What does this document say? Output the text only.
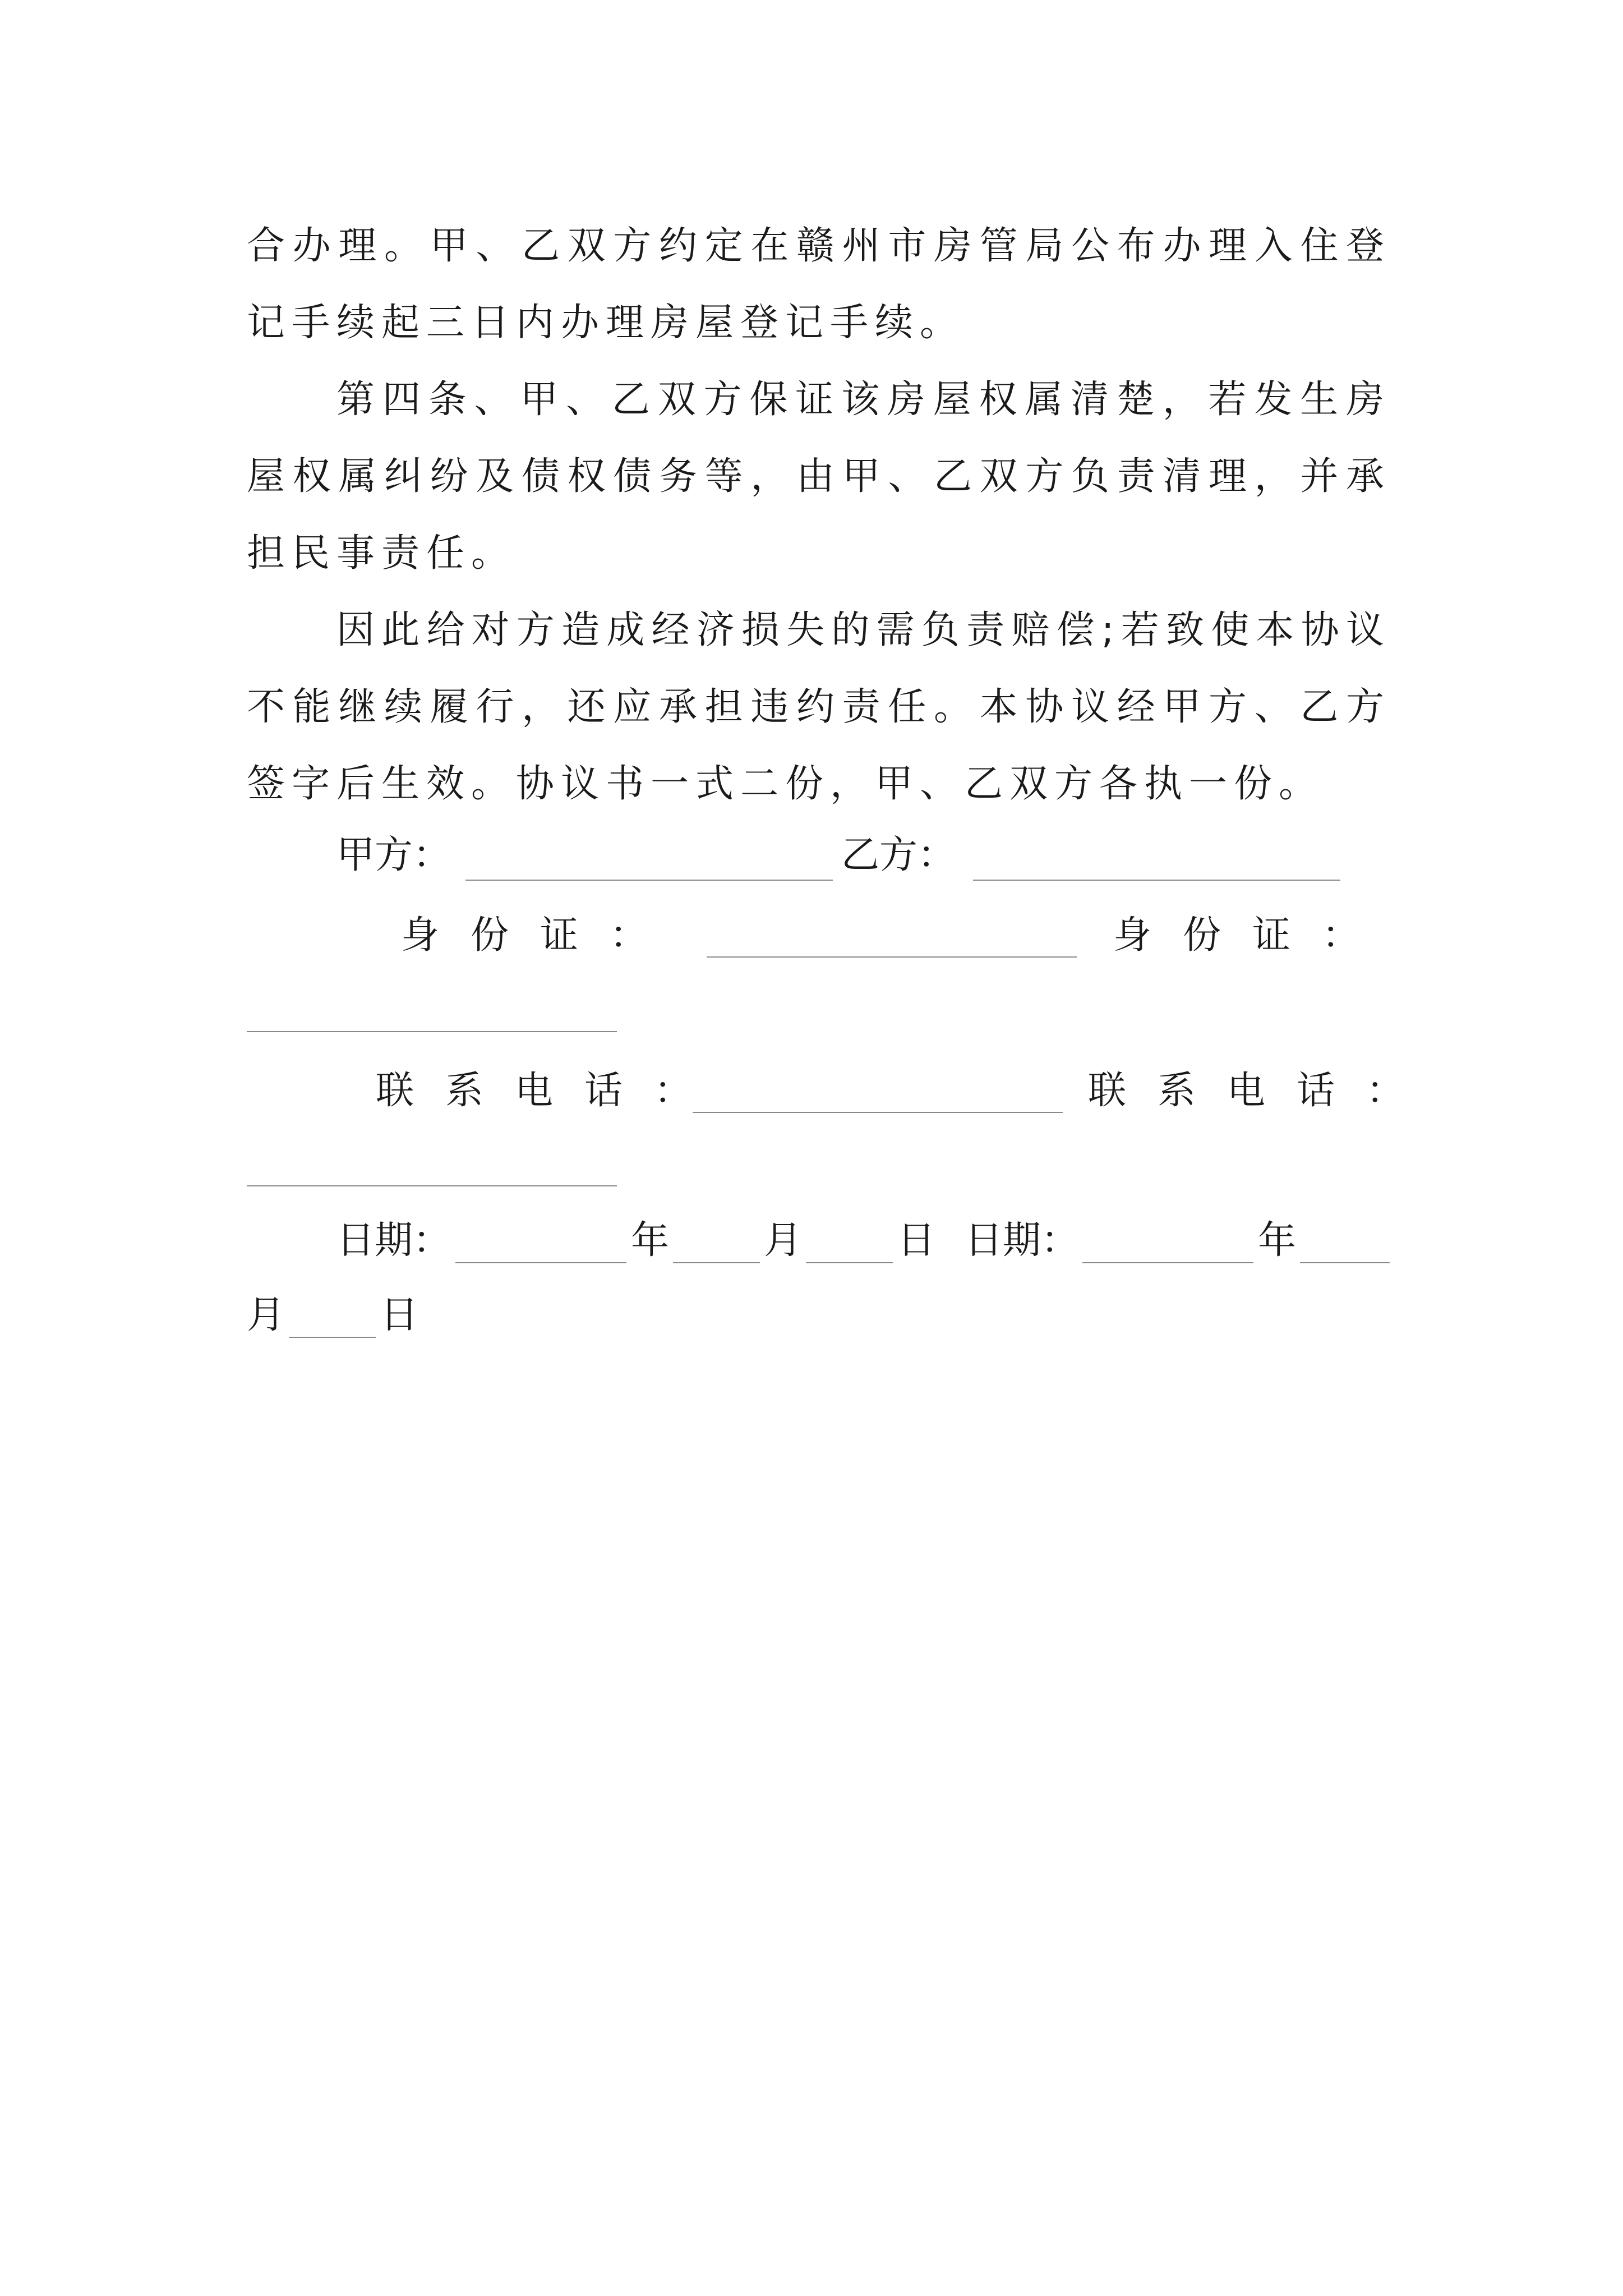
合办理。甲、乙双方约定在赣州市房管局公布办理入住登记手续起三日内办理房屋登记手续。

第四条、甲、乙双方保证该房屋权属清楚，若发生房屋权属纠纷及债权债务等，由甲、乙双方负责清理，并承担民事责任。

因此给对方造成经济损失的需负责赔偿;若致使本协议不能继续履行，还应承担违约责任。本协议经甲方、乙方签字后生效。协议书一式二份，甲、乙双方各执一份。

甲方：	乙方：
身份证：	身份证：
联系电话：	联系电话：
日期：	年 月 日 日期：	年
月 日
